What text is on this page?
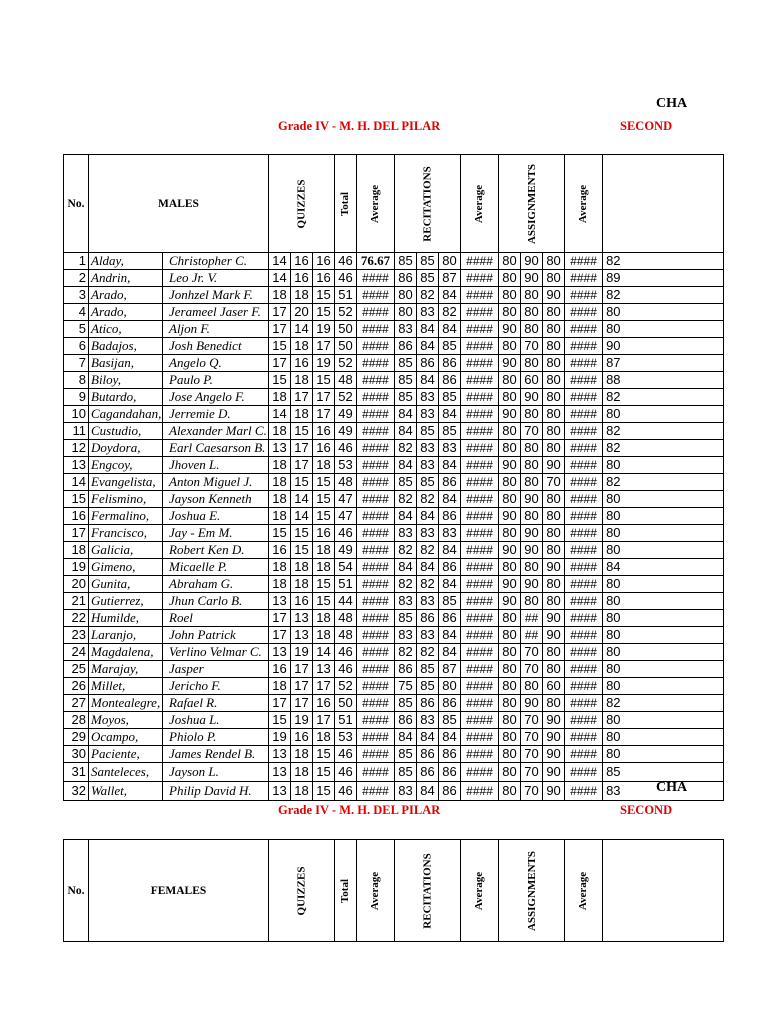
CHA
Grade IV - M. H. DEL PILAR	SECOND
No.	MALES		QUIZZES			Total	Average	RECITATIONS			Average	ASSIGNMENTS			Average	

1	Alday,	Christopher C.	14	16	16	46	76.67	85	85	80	####	80	90	80	####	82
2	Andrin,	Leo Jr. V.	14	16	16	46	####	86	85	87	####	80	90	80	####	89
3	Arado,	Jonhzel Mark F.	18	18	15	51	####	80	82	84	####	80	80	90	####	82
4	Arado,	Jerameel Jaser F.	17	20	15	52	####	80	83	82	####	80	80	80	####	80
5	Atico,	Aljon F.	17	14	19	50	####	83	84	84	####	90	80	80	####	80
6	Badajos,	Josh Benedict	15	18	17	50	####	86	84	85	####	80	70	80	####	90
7	Basijan,	Angelo Q.	17	16	19	52	####	85	86	86	####	90	80	80	####	87
8	Biloy,	Paulo P.	15	18	15	48	####	85	84	86	####	80	60	80	####	88
9	Butardo,	Jose Angelo F.	18	17	17	52	####	85	83	85	####	80	90	80	####	82
10	Cagandahan,	Jerremie D.	14	18	17	49	####	84	83	84	####	90	80	80	####	80
11	Custudio,	Alexander Marl C.	18	15	16	49	####	84	85	85	####	80	70	80	####	82
12	Doydora,	Earl Caesarson B.	13	17	16	46	####	82	83	83	####	80	80	80	####	82
13	Engcoy,	Jhoven L.	18	17	18	53	####	84	83	84	####	90	80	90	####	80
14	Evangelista,	Anton Miguel J.	18	15	15	48	####	85	85	86	####	80	80	70	####	82
15	Felismino,	Jayson Kenneth	18	14	15	47	####	82	82	84	####	80	90	80	####	80
16	Fermalino,	Joshua E.	18	14	15	47	####	84	84	86	####	90	80	80	####	80
17	Francisco,	Jay - Em M.	15	15	16	46	####	83	83	83	####	80	90	80	####	80
18	Galicia,	Robert Ken D.	16	15	18	49	####	82	82	84	####	90	90	80	####	80
19	Gimeno,	Micaelle P.	18	18	18	54	####	84	84	86	####	80	80	90	####	84
20	Gunita,	Abraham G.	18	18	15	51	####	82	82	84	####	90	90	80	####	80
21	Gutierrez,	Jhun Carlo B.	13	16	15	44	####	83	83	85	####	90	80	80	####	80
22	Humilde,	Roel	17	13	18	48	####	85	86	86	####	80	##	90	####	80
23	Laranjo,	John Patrick	17	13	18	48	####	83	83	84	####	80	##	90	####	80
24	Magdalena,	Verlino Velmar C.	13	19	14	46	####	82	82	84	####	80	70	80	####	80
25	Marajay,	Jasper	16	17	13	46	####	86	85	87	####	80	70	80	####	80
26	Millet,	Jericho F.	18	17	17	52	####	75	85	80	####	80	80	60	####	80
27	Montealegre,	Rafael R.	17	17	16	50	####	85	86	86	####	80	90	80	####	82
28	Moyos,	Joshua L.	15	19	17	51	####	86	83	85	####	80	70	90	####	80
29	Ocampo,	Phiolo P.	19	16	18	53	####	84	84	84	####	80	70	90	####	80
30	Paciente,	James Rendel B.	13	18	15	46	####	85	86	86	####	80	70	90	####	80
31	Santeleces,	Jayson L.	13	18	15	46	####	85	86	86	####	80	70	90	####	85
32	Wallet,	Philip David H.	13	18	15	46	####	83	84	86	####	80	70	90	####	83	CHA
Grade IV - M. H. DEL PILAR	SECOND
No.	FEMALES	QUIZZES	Total	Average	RECITATIONS	Average	ASSIGNMENTS	Average
